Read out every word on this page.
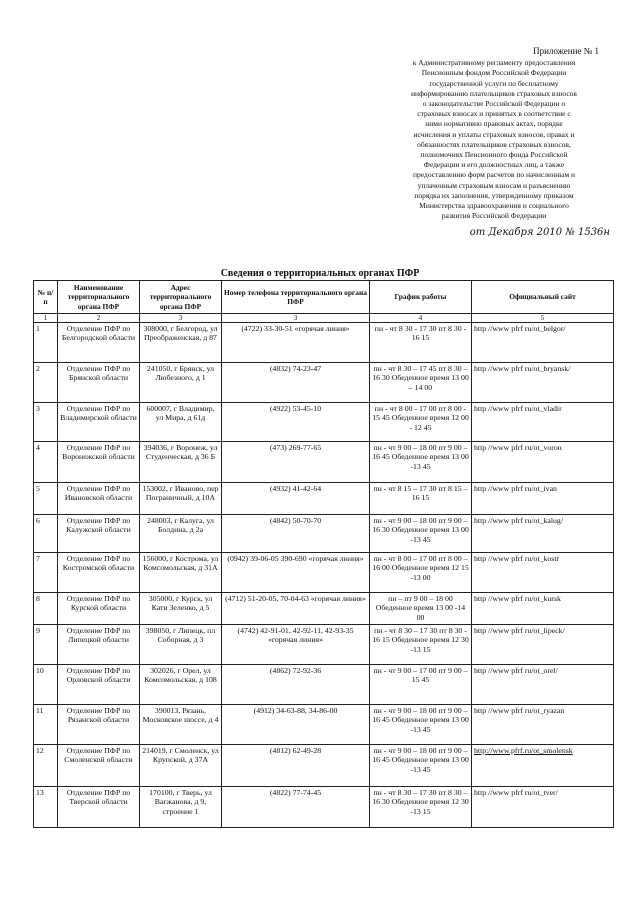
Приложение № 1
к Административному регламенту предоставления
Пенсионным фондом Российской Федерации
государственной услуги по бесплатному
информированию плательщиков страховых взносов
о законодательстве Российской Федерации о
страховых взносах и принятых в соответствие с
ними нормативно правовых актах, порядке
исчисления и уплаты страховых взносов, правах и
обязанностях плательщиков страховых взносов,
полномочиях Пенсионного фонда Российской
Федерации и его должностных лиц, а также
предоставлению форм расчетов по начисленным и
уплаченным страховым взносам и разъяснению
порядка их заполнения, утвержденному приказом
Министерства здравоохранения и социального
развития Российской Федерации
от Декабря 2010 № 1536н
Сведения о территориальных органах ПФР
№ п/п	Наименование территориального органа ПФР	Адрес территориального органа ПФР	Номер телефона территориального органа ПФР	График работы	Официальный сайт
1	2	3	3	4	5
1	Отделение ПФР по Белгородской области	308000, г Белгород, ул Преображенская, д 87	(4722) 33-30-51 «горячая линия»	пн - чт 8 30 - 17 30 пт 8 30 - 16 15	http //www pfrf ru/ot_belgor/
2	Отделение ПФР по Брянской области	241050, г Брянск, ул Любезного, д 1	(4832) 74-23-47	пн - чт 8 30 – 17 45 пт 8 30 – 16 30 Обеденное время 13 00 – 14 00	http //www pfrf ru/ot_bryansk/
3	Отделение ПФР по Владимирской области	600007, г Владимир, ул Мира, д 61д	(4922) 53-45-10	пн - чт 8 00 - 17 00 пт 8 00 - 15 45 Обеденное время 12 00 - 12 45	http //www pfrf ru/ot_vladir
4	Отделение ПФР по Воронежской области	394036, г Воронеж, ул Студенческая, д 36 Б	(473) 269-77-65	пн - чт 9 00 – 18 00 пт 9 00 – 16 45 Обеденное время 13 00 -13 45	http //www pfrf ru/ot_voron
5	Отделение ПФР по Ивановской области	153002, г Иваново, пер Пограничный, д 10А	(4932) 41-42-64	пн - чт 8 15 – 17 30 пт 8 15 – 16 15	http //www pfrf ru/ot_ivan
6	Отделение ПФР по Калужской области	248003, г Калуга, ул Болдина, д 2а	(4842) 50-70-70	пн - чт 9 00 – 18 00 пт 9 00 – 16 30 Обеденное время 13 00 -13 45	http //www pfrf ru/ot_kalug/
7	Отделение ПФР по Костромской области	156000, г Кострома, ул Комсомольская, д 31А	(0942) 39-06-05 390-690 «горячая линия»	пн - чт 8 00 – 17 00 пт 8 00 – 16 00 Обеденное время 12 15 -13 00	http //www pfrf ru/ot_kostr
8	Отделение ПФР по Курской области	305000, г Курск, ул Кати Зеленко, д 5	(4712) 51-20-05, 70-04-63 «горячая линия»	пн – пт 9 00 – 18 00 Обеденное время 13 00 -14 00	http //www pfrf ru/ot_kursk
9	Отделение ПФР по Липецкой области	398050, г Липецк, пл Соборная, д 3	(4742) 42-91-01, 42-92-11, 42-93-35 «горячая линия»	пн - чт 8 30 – 17 30 пт 8 30 - 16 15 Обеденное время 12 30 -13 15	http //www pfrf ru/ot_lipeck/
10	Отделение ПФР по Орловской области	302026, г Орел, ул Комсомольская, д 108	(4862) 72-92-36	пн - чт 9 00 – 17 00 пт 9 00 – 15 45	http //www pfrf ru/ot_orel/
11	Отделение ПФР по Рязанской области	390013, Рязань, Московское шоссе, д 4	(4912) 34-63-88, 34-86-00	пн - чт 9 00 – 18 00 пт 9 00 – 16 45 Обеденное время 13 00 -13 45	http //www pfrf ru/ot_ryazan
12	Отделение ПФР по Смоленской области	214019, г Смоленск, ул Крупской, д 37А	(4812) 62-49-28	пн - чт 9 00 – 18 00 пт 9 00 – 16 45 Обеденное время 13 00 -13 45	http://www.pfrf.ru/ot_smolensk
13	Отделение ПФР по Тверской области	170100, г Тверь, ул Вагжанова, д 9, строение 1	(4822) 77-74-45	пн - чт 8 30 – 17 30 пт 8 30 – 16 30 Обеденное время 12 30 -13 15	http //www pfrf ru/ot_tver/
